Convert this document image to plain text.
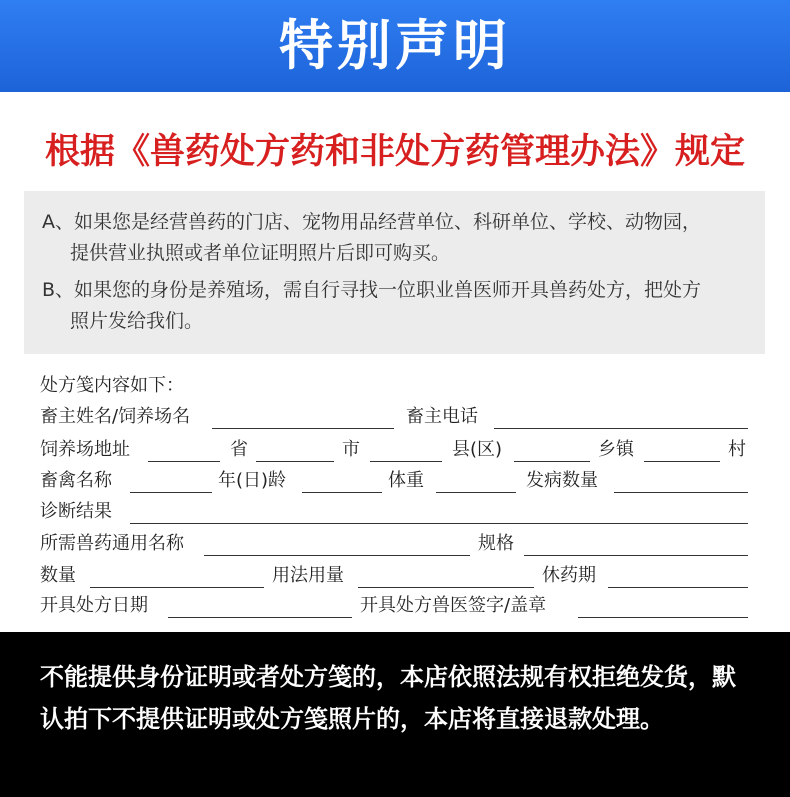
特别声明
根据《兽药处方药和非处方药管理办法》规定

A、如果您是经营兽药的门店、宠物用品经营单位、科研单位、学校、动物园，

提供营业执照或者单位证明照片后即可购买。

B、如果您的身份是养殖场，需自行寻找一位职业兽医师开具兽药处方，把处方

照片发给我们。

处方笺内容如下：
畜主姓名/饲养场名	畜主电话
饲养场地址	省	市	县(区)	乡镇	村
畜禽名称	年(日)龄	体重	发病数量
诊断结果
所需兽药通用名称	规格
数量	用法用量	休药期
开具处方日期	开具处方兽医签字/盖章
不能提供身份证明或者处方笺的，本店依照法规有权拒绝发货，默认拍下不提供证明或处方笺照片的，本店将直接退款处理。
